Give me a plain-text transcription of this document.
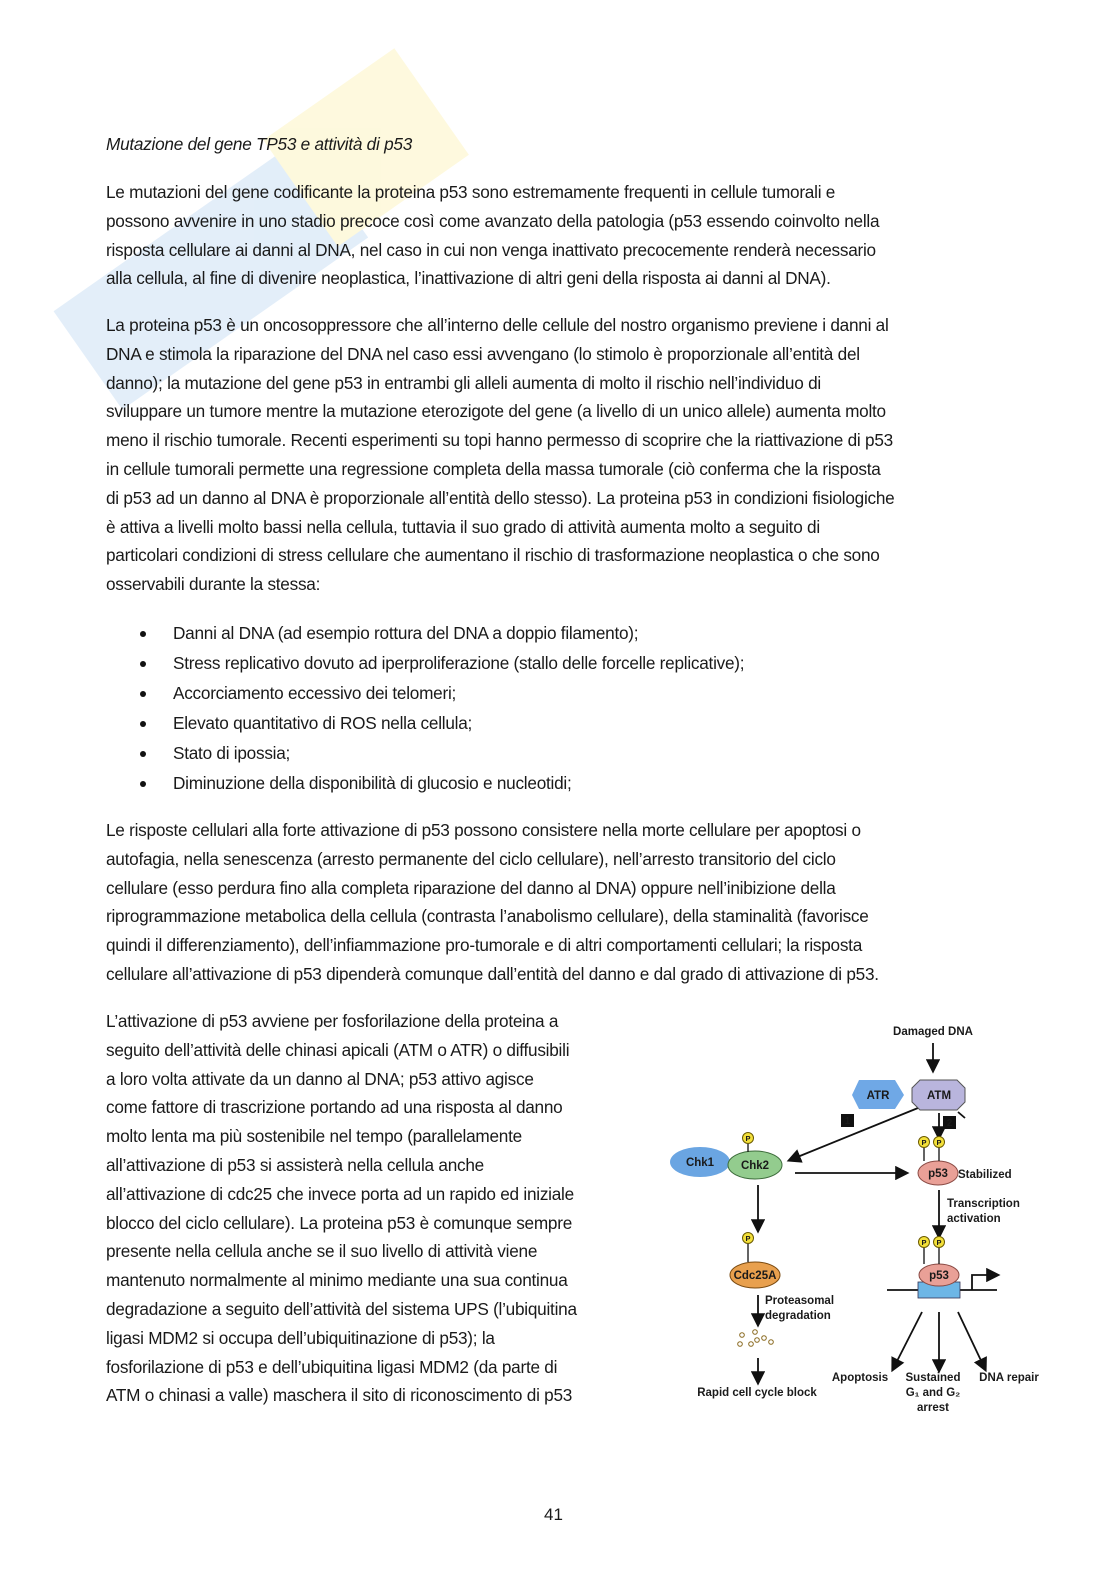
Mutazione del gene TP53 e attività di p53
Le mutazioni del gene codificante la proteina p53 sono estremamente frequenti in cellule tumorali e
possono avvenire in uno stadio precoce così come avanzato della patologia (p53 essendo coinvolto nella
risposta cellulare ai danni al DNA, nel caso in cui non venga inattivato precocemente renderà necessario
alla cellula, al fine di divenire neoplastica, l’inattivazione di altri geni della risposta ai danni al DNA).
La proteina p53 è un oncosoppressore che all’interno delle cellule del nostro organismo previene i danni al
DNA e stimola la riparazione del DNA nel caso essi avvengano (lo stimolo è proporzionale all’entità del
danno); la mutazione del gene p53 in entrambi gli alleli aumenta di molto il rischio nell’individuo di
sviluppare un tumore mentre la mutazione eterozigote del gene (a livello di un unico allele) aumenta molto
meno il rischio tumorale. Recenti esperimenti su topi hanno permesso di scoprire che la riattivazione di p53
in cellule tumorali permette una regressione completa della massa tumorale (ciò conferma che la risposta
di p53 ad un danno al DNA è proporzionale all’entità dello stesso). La proteina p53 in condizioni fisiologiche
è attiva a livelli molto bassi nella cellula, tuttavia il suo grado di attività aumenta molto a seguito di
particolari condizioni di stress cellulare che aumentano il rischio di trasformazione neoplastica o che sono
osservabili durante la stessa:
Danni al DNA (ad esempio rottura del DNA a doppio filamento);
Stress replicativo dovuto ad iperproliferazione (stallo delle forcelle replicative);
Accorciamento eccessivo dei telomeri;
Elevato quantitativo di ROS nella cellula;
Stato di ipossia;
Diminuzione della disponibilità di glucosio e nucleotidi;
Le risposte cellulari alla forte attivazione di p53 possono consistere nella morte cellulare per apoptosi o
autofagia, nella senescenza (arresto permanente del ciclo cellulare), nell’arresto transitorio del ciclo
cellulare (esso perdura fino alla completa riparazione del danno al DNA) oppure nell’inibizione della
riprogrammazione metabolica della cellula (contrasta l’anabolismo cellulare), della staminalità (favorisce
quindi il differenziamento), dell’infiammazione pro-tumorale e di altri comportamenti cellulari; la risposta
cellulare all’attivazione di p53 dipenderà comunque dall’entità del danno e dal grado di attivazione di p53.
L’attivazione di p53 avviene per fosforilazione della proteina a
seguito dell’attività delle chinasi apicali (ATM o ATR) o diffusibili
a loro volta attivate da un danno al DNA; p53 attivo agisce
come fattore di trascrizione portando ad una risposta al danno
molto lenta ma più sostenibile nel tempo (parallelamente
all’attivazione di p53 si assisterà nella cellula anche
all’attivazione di cdc25 che invece porta ad un rapido ed iniziale
blocco del ciclo cellulare). La proteina p53 è comunque sempre
presente nella cellula anche se il suo livello di attività viene
mantenuto normalmente al minimo mediante una sua continua
degradazione a seguito dell’attività del sistema UPS (l’ubiquitina
ligasi MDM2 si occupa dell’ubiquitinazione di p53); la
fosforilazione di p53 e dell’ubiquitina ligasi MDM2 (da parte di
ATM o chinasi a valle) maschera il sito di riconoscimento di p53
Damaged DNA
ATR	ATM
1	2
Chk1 Chk2
p53 Stabilized
Transcription
activation
p53
Cdc25A
Proteasomal
degradation
Rapid cell cycle block
Apoptosis Sustained
G₁ and G₂
arrest
DNA repair
P	P P
P P
P
41
